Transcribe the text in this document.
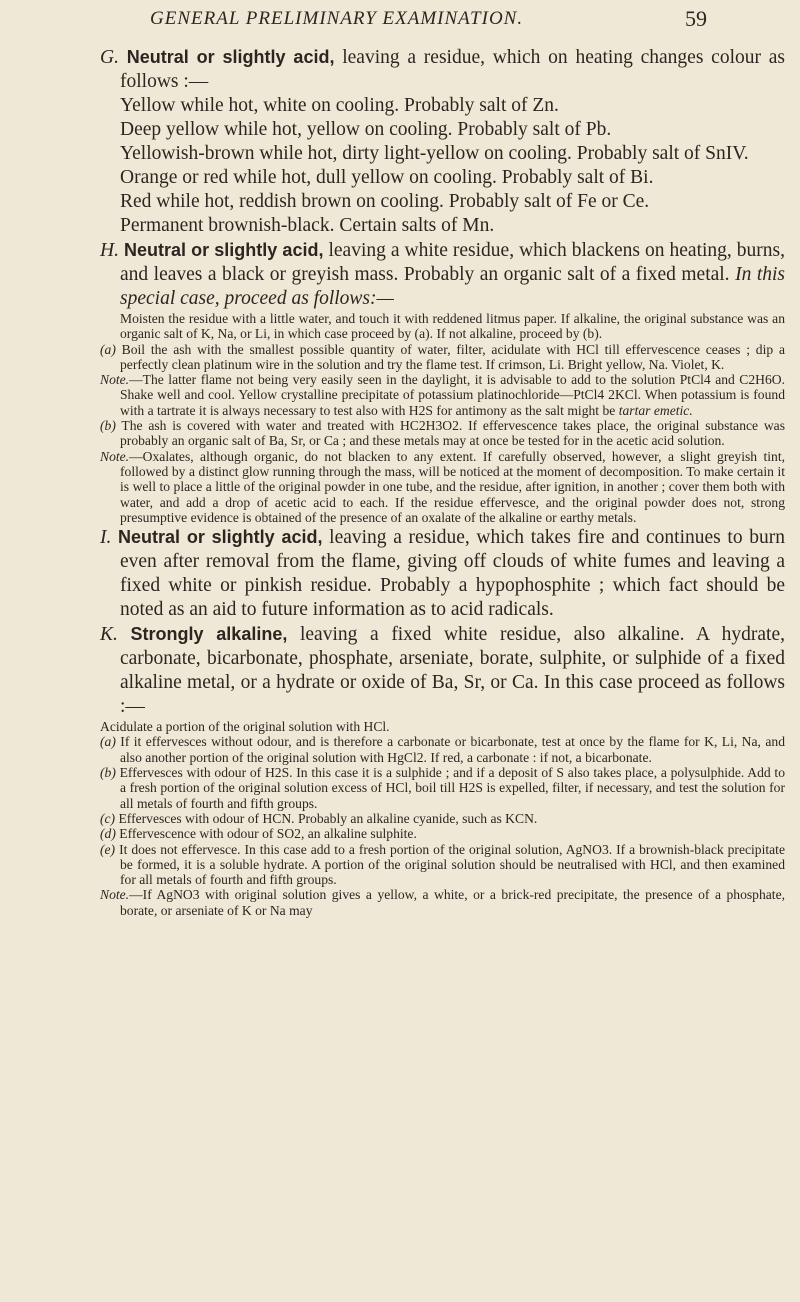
GENERAL PRELIMINARY EXAMINATION.	59

G. Neutral or slightly acid, leaving a residue, which on heating changes colour as follows :—

Yellow while hot, white on cooling. Probably salt of Zn.

Deep yellow while hot, yellow on cooling. Probably salt of Pb.

Yellowish-brown while hot, dirty light-yellow on cooling. Probably salt of SnIV.

Orange or red while hot, dull yellow on cooling. Probably salt of Bi.

Red while hot, reddish brown on cooling. Probably salt of Fe or Ce.

Permanent brownish-black. Certain salts of Mn.

H. Neutral or slightly acid, leaving a white residue, which blackens on heating, burns, and leaves a black or greyish mass. Probably an organic salt of a fixed metal. In this special case, proceed as follows:—

Moisten the residue with a little water, and touch it with reddened litmus paper. If alkaline, the original substance was an organic salt of K, Na, or Li, in which case proceed by (a). If not alkaline, proceed by (b).

(a) Boil the ash with the smallest possible quantity of water, filter, acidulate with HCl till effervescence ceases ; dip a perfectly clean platinum wire in the solution and try the flame test. If crimson, Li. Bright yellow, Na. Violet, K.

Note.—The latter flame not being very easily seen in the daylight, it is advisable to add to the solution PtCl4 and C2H6O. Shake well and cool. Yellow crystalline precipitate of potassium platinochloride—PtCl4 2KCl. When potassium is found with a tartrate it is always necessary to test also with H2S for antimony as the salt might be tartar emetic.

(b) The ash is covered with water and treated with HC2H3O2. If effervescence takes place, the original substance was probably an organic salt of Ba, Sr, or Ca ; and these metals may at once be tested for in the acetic acid solution.

Note.—Oxalates, although organic, do not blacken to any extent. If carefully observed, however, a slight greyish tint, followed by a distinct glow running through the mass, will be noticed at the moment of decomposition. To make certain it is well to place a little of the original powder in one tube, and the residue, after ignition, in another ; cover them both with water, and add a drop of acetic acid to each. If the residue effervesce, and the original powder does not, strong presumptive evidence is obtained of the presence of an oxalate of the alkaline or earthy metals.

I. Neutral or slightly acid, leaving a residue, which takes fire and continues to burn even after removal from the flame, giving off clouds of white fumes and leaving a fixed white or pinkish residue. Probably a hypophosphite ; which fact should be noted as an aid to future information as to acid radicals.

K. Strongly alkaline, leaving a fixed white residue, also alkaline. A hydrate, carbonate, bicarbonate, phosphate, arseniate, borate, sulphite, or sulphide of a fixed alkaline metal, or a hydrate or oxide of Ba, Sr, or Ca. In this case proceed as follows :—

Acidulate a portion of the original solution with HCl.

(a) If it effervesces without odour, and is therefore a carbonate or bicarbonate, test at once by the flame for K, Li, Na, and also another portion of the original solution with HgCl2. If red, a carbonate : if not, a bicarbonate.

(b) Effervesces with odour of H2S. In this case it is a sulphide ; and if a deposit of S also takes place, a polysulphide. Add to a fresh portion of the original solution excess of HCl, boil till H2S is expelled, filter, if necessary, and test the solution for all metals of fourth and fifth groups.

(c) Effervesces with odour of HCN. Probably an alkaline cyanide, such as KCN.

(d) Effervescence with odour of SO2, an alkaline sulphite.

(e) It does not effervesce. In this case add to a fresh portion of the original solution, AgNO3. If a brownish-black precipitate be formed, it is a soluble hydrate. A portion of the original solution should be neutralised with HCl, and then examined for all metals of fourth and fifth groups.

Note.—If AgNO3 with original solution gives a yellow, a white, or a brick-red precipitate, the presence of a phosphate, borate, or arseniate of K or Na may
